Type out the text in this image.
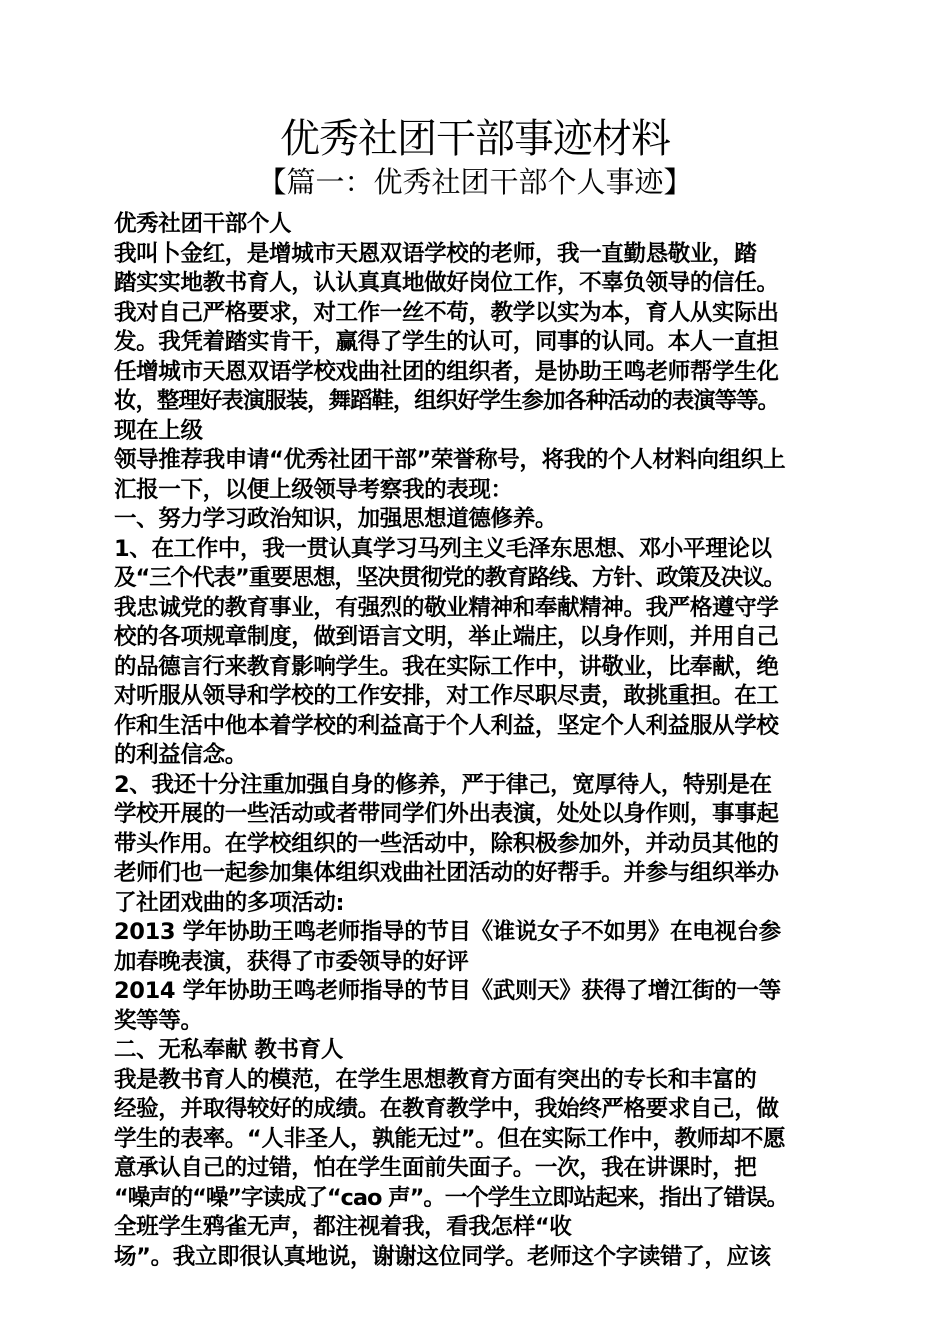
优秀社团干部事迹材料
【篇一：优秀社团干部个人事迹】
优秀社团干部个人
我叫卜金红，是增城市天恩双语学校的老师，我一直勤恳敬业，踏
踏实实地教书育人，认认真真地做好岗位工作，不辜负领导的信任。
我对自己严格要求，对工作一丝不苟，教学以实为本，育人从实际出
发。我凭着踏实肯干，赢得了学生的认可，同事的认同。本人一直担
任增城市天恩双语学校戏曲社团的组织者，是协助王鸣老师帮学生化
妆，整理好表演服装，舞蹈鞋，组织好学生参加各种活动的表演等等。
现在上级
领导推荐我申请“优秀社团干部”荣誉称号，将我的个人材料向组织上
汇报一下，以便上级领导考察我的表现：
一、努力学习政治知识，加强思想道德修养。
1、在工作中，我一贯认真学习马列主义毛泽东思想、邓小平理论以
及“三个代表”重要思想，坚决贯彻党的教育路线、方针、政策及决议。
我忠诚党的教育事业，有强烈的敬业精神和奉献精神。我严格遵守学
校的各项规章制度，做到语言文明，举止端庄，以身作则，并用自己
的品德言行来教育影响学生。我在实际工作中，讲敬业，比奉献，绝
对听服从领导和学校的工作安排，对工作尽职尽责，敢挑重担。在工
作和生活中他本着学校的利益高于个人利益，坚定个人利益服从学校
的利益信念。
2、我还十分注重加强自身的修养，严于律己，宽厚待人，特别是在
学校开展的一些活动或者带同学们外出表演，处处以身作则，事事起
带头作用。在学校组织的一些活动中，除积极参加外，并动员其他的
老师们也一起参加集体组织戏曲社团活动的好帮手。并参与组织举办
了社团戏曲的多项活动:
2013 学年协助王鸣老师指导的节目《谁说女子不如男》在电视台参
加春晚表演，获得了市委领导的好评
2014 学年协助王鸣老师指导的节目《武则天》获得了增江街的一等
奖等等。
二、无私奉献 教书育人
我是教书育人的模范，在学生思想教育方面有突出的专长和丰富的
经验，并取得较好的成绩。在教育教学中，我始终严格要求自己，做
学生的表率。“人非圣人，孰能无过”。但在实际工作中，教师却不愿
意承认自己的过错，怕在学生面前失面子。一次，我在讲课时，把
“噪声的“噪”字读成了“cao 声”。一个学生立即站起来，指出了错误。
全班学生鸦雀无声，都注视着我，看我怎样“收
场”。我立即很认真地说，谢谢这位同学。老师这个字读错了，应该
